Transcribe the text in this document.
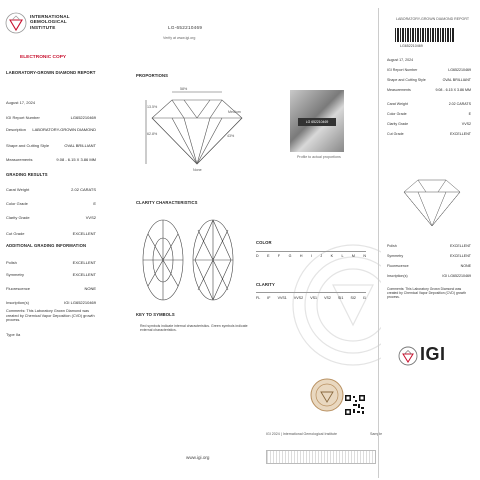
INTERNATIONAL
GEMOLOGICAL
INSTITUTE
ELECTRONIC COPY
LABORATORY-GROWN DIAMOND REPORT
August 17, 2024
IGI Report Number	LG652210469
Description LABORATORY-GROWN DIAMOND
Shape and Cutting Style	OVAL BRILLIANT
Measurements	9.08 - 6.15 X 3.86 MM
GRADING RESULTS
Carat Weight	2.02 CARATS
Color Grade	E
Clarity Grade	VVS2
Cut Grade	EXCELLENT
ADDITIONAL GRADING INFORMATION
Polish	EXCELLENT
Symmetry	EXCELLENT
Fluorescence	NONE
Inscription(s)	IGI LG652210469
Comments: This Laboratory Grown Diamond was created by Chemical Vapor Deposition (CVD) growth process.
Type IIa
LG-652210469
Verify at www.igi.org
PROPORTIONS
13.5%
58%
62.8%	43%
Medium
None
LG 652210469
Profile to actual proportions
CLARITY CHARACTERISTICS
KEY TO SYMBOLS
Red symbols indicate internal characteristics. Green symbols indicate external characteristics.
www.igi.org
COLOR
D E F G H I J K L M N
CLARITY
FL IF VVS1 VVS2 VS1 VS2 SI1 SI2 I1
IGI 2024 | International Gemological Institute	Sample
LABORATORY-GROWN DIAMOND REPORT
LG652210469
August 17, 2024
IGI Report Number	LG652210469
Shape and Cutting Style	OVAL BRILLIANT
Measurements	9.08 - 6.15 X 3.86 MM
Carat Weight	2.02 CARATS
Color Grade	E
Clarity Grade	VVS2
Cut Grade	EXCELLENT
Polish	EXCELLENT
Symmetry	EXCELLENT
Fluorescence	NONE
Inscription(s)	IGI LG652210469
Comments: This Laboratory Grown Diamond was created by Chemical Vapor Deposition (CVD) growth process.
IGI
